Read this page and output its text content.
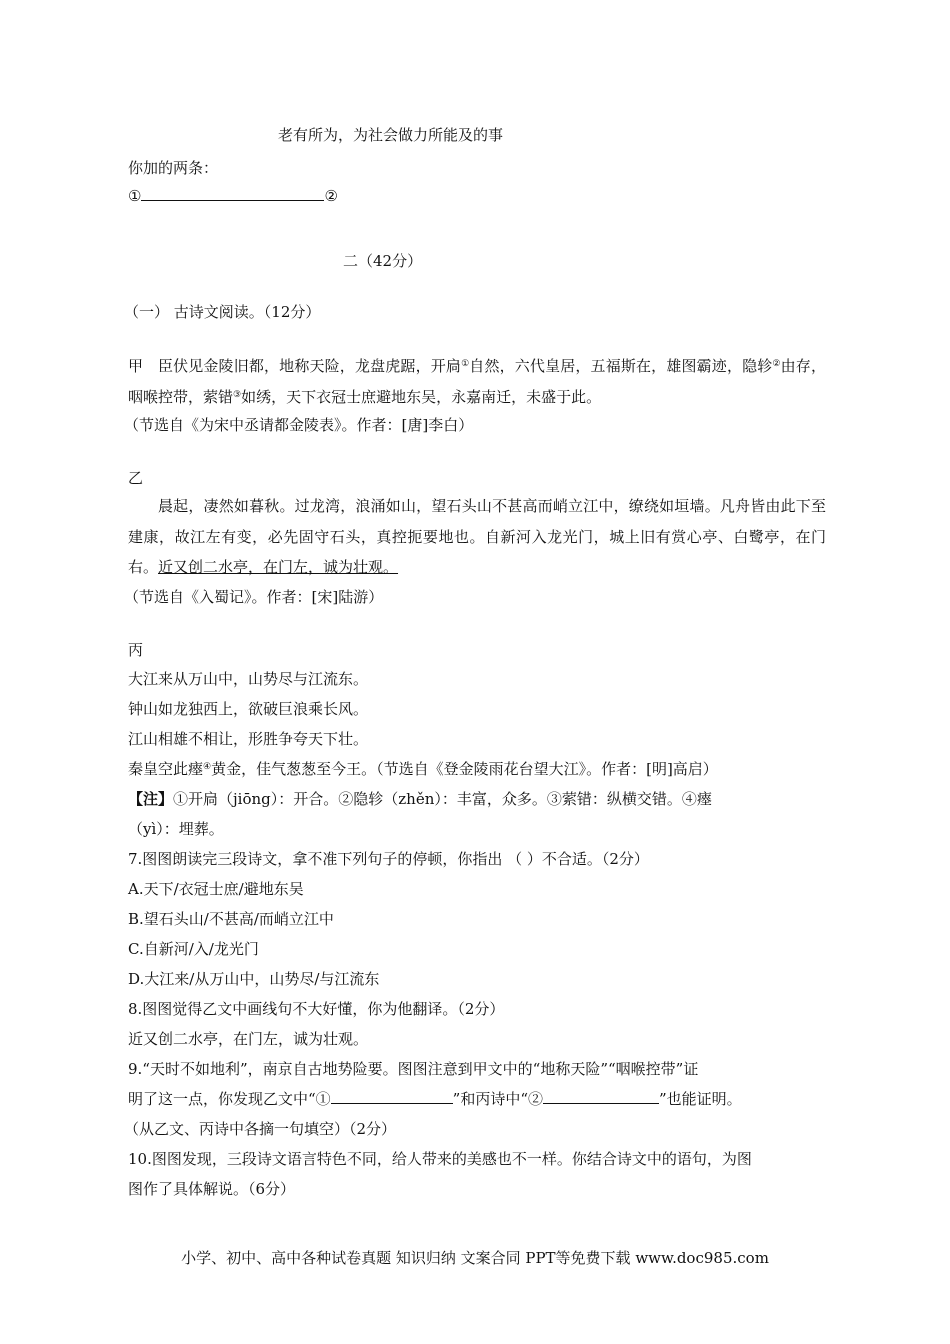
老有所为，为社会做力所能及的事
你加的两条：
①	②
二（42分）
（一） 古诗文阅读。（12分）
甲 臣伏见金陵旧都，地称天险，龙盘虎踞，开扃①自然，六代皇居，五福斯在，雄图霸迹，隐轸②由存，咽喉控带，萦错③如绣，天下衣冠士庶避地东吴，永嘉南迁，未盛于此。
（节选自《为宋中丞请都金陵表》。作者：[唐]李白）
乙
晨起，凄然如暮秋。过龙湾，浪涌如山，望石头山不甚高而峭立江中，缭绕如垣墙。凡舟皆由此下至建康，故江左有变，必先固守石头，真控扼要地也。自新河入龙光门，城上旧有赏心亭、白鹭亭，在门右。近又创二水亭，在门左，诚为壮观。
（节选自《入蜀记》。作者：[宋]陆游）
丙
大江来从万山中，山势尽与江流东。
钟山如龙独西上，欲破巨浪乘长风。
江山相雄不相让，形胜争夸天下壮。
秦皇空此瘞④黄金，佳气葱葱至今王。（节选自《登金陵雨花台望大江》。作者：[明]高启）
【注】①开扃（jiōng）：开合。②隐轸（zhěn）：丰富，众多。③萦错：纵横交错。④瘞
（yì）：埋葬。
7.图图朗读完三段诗文，拿不准下列句子的停顿，你指出 （ ）不合适。（2分）
A.天下/衣冠士庶/避地东吴
B.望石头山/不甚高/而峭立江中
C.自新河/入/龙光门
D.大江来/从万山中，山势尽/与江流东
8.图图觉得乙文中画线句不大好懂，你为他翻译。（2分）
近又创二水亭，在门左，诚为壮观。
9.“天时不如地利”，南京自古地势险要。图图注意到甲文中的“地称天险”“咽喉控带”证
明了这一点，你发现乙文中“①	”和丙诗中“②	”也能证明。
（从乙文、丙诗中各摘一句填空）（2分）
10.图图发现，三段诗文语言特色不同，给人带来的美感也不一样。你结合诗文中的语句，为图
图作了具体解说。（6分）
小学、初中、高中各种试卷真题 知识归纳 文案合同 PPT等免费下载 www.doc985.com
